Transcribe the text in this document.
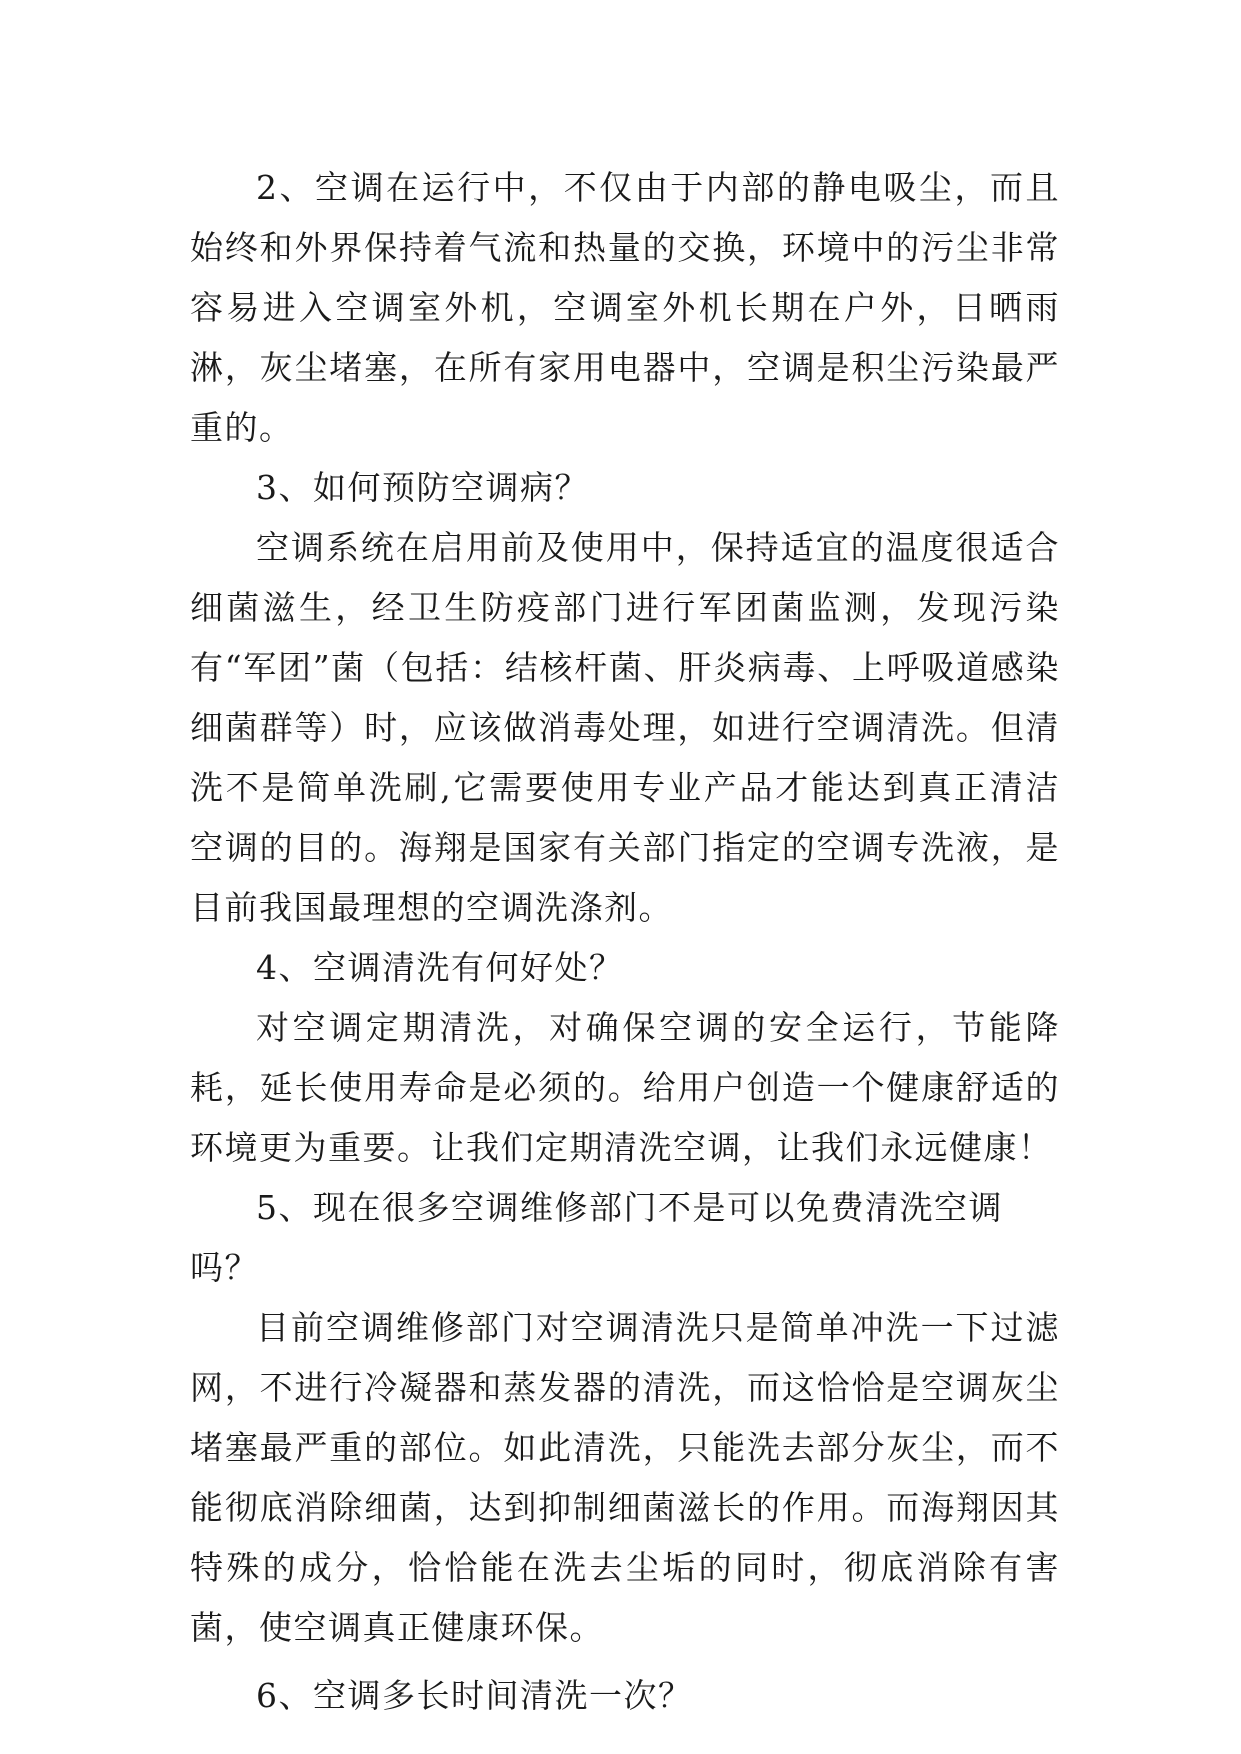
2、空调在运行中，不仅由于内部的静电吸尘，而且始终和外界保持着气流和热量的交换，环境中的污尘非常容易进入空调室外机，空调室外机长期在户外，日晒雨淋，灰尘堵塞，在所有家用电器中，空调是积尘污染最严重的。

3、如何预防空调病？

空调系统在启用前及使用中，保持适宜的温度很适合细菌滋生，经卫生防疫部门进行军团菌监测，发现污染有“军团”菌（包括：结核杆菌、肝炎病毒、上呼吸道感染细菌群等）时，应该做消毒处理，如进行空调清洗。但清洗不是简单洗刷,它需要使用专业产品才能达到真正清洁空调的目的。海翔是国家有关部门指定的空调专洗液，是目前我国最理想的空调洗涤剂。

4、空调清洗有何好处？

对空调定期清洗，对确保空调的安全运行，节能降耗，延长使用寿命是必须的。给用户创造一个健康舒适的环境更为重要。让我们定期清洗空调，让我们永远健康！

5、现在很多空调维修部门不是可以免费清洗空调吗？

目前空调维修部门对空调清洗只是简单冲洗一下过滤网，不进行冷凝器和蒸发器的清洗，而这恰恰是空调灰尘堵塞最严重的部位。如此清洗，只能洗去部分灰尘，而不能彻底消除细菌，达到抑制细菌滋长的作用。而海翔因其特殊的成分，恰恰能在洗去尘垢的同时，彻底消除有害菌，使空调真正健康环保。

6、空调多长时间清洗一次？
